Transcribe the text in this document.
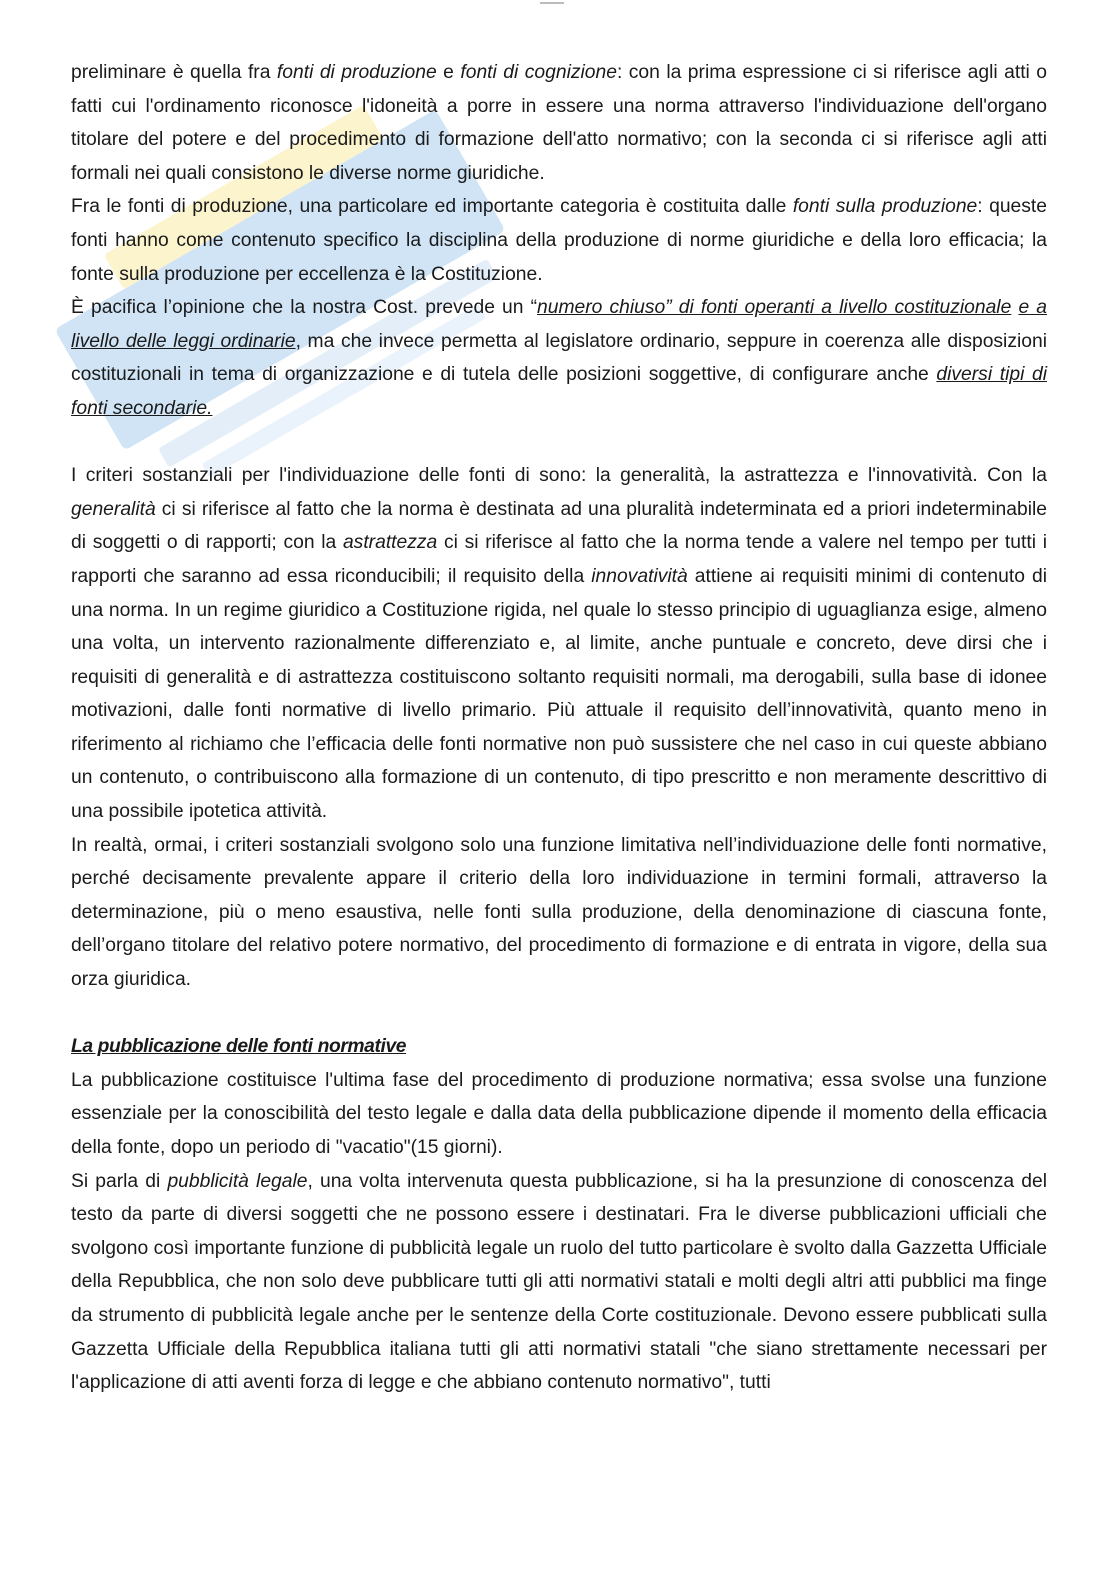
preliminare è quella fra fonti di produzione e fonti di cognizione: con la prima espressione ci si riferisce agli atti o fatti cui l'ordinamento riconosce l'idoneità a porre in essere una norma attraverso l'individuazione dell'organo titolare del potere e del procedimento di formazione dell'atto normativo; con la seconda ci si riferisce agli atti formali nei quali consistono le diverse norme giuridiche.

Fra le fonti di produzione, una particolare ed importante categoria è costituita dalle fonti sulla produzione: queste fonti hanno come contenuto specifico la disciplina della produzione di norme giuridiche e della loro efficacia; la fonte sulla produzione per eccellenza è la Costituzione.

È pacifica l’opinione che la nostra Cost. prevede un “numero chiuso” di fonti operanti a livello costituzionale e a livello delle leggi ordinarie, ma che invece permetta al legislatore ordinario, seppure in coerenza alle disposizioni costituzionali in tema di organizzazione e di tutela delle posizioni soggettive, di configurare anche diversi tipi di fonti secondarie.

I criteri sostanziali per l'individuazione delle fonti di sono: la generalità, la astrattezza e l'innovatività. Con la generalità ci si riferisce al fatto che la norma è destinata ad una pluralità indeterminata ed a priori indeterminabile di soggetti o di rapporti; con la astrattezza ci si riferisce al fatto che la norma tende a valere nel tempo per tutti i rapporti che saranno ad essa riconducibili; il requisito della innovatività attiene ai requisiti minimi di contenuto di una norma. In un regime giuridico a Costituzione rigida, nel quale lo stesso principio di uguaglianza esige, almeno una volta, un intervento razionalmente differenziato e, al limite, anche puntuale e concreto, deve dirsi che i requisiti di generalità e di astrattezza costituiscono soltanto requisiti normali, ma derogabili, sulla base di idonee motivazioni, dalle fonti normative di livello primario. Più attuale il requisito dell’innovatività, quanto meno in riferimento al richiamo che l’efficacia delle fonti normative non può sussistere che nel caso in cui queste abbiano un contenuto, o contribuiscono alla formazione di un contenuto, di tipo prescritto e non meramente descrittivo di una possibile ipotetica attività.

In realtà, ormai, i criteri sostanziali svolgono solo una funzione limitativa nell’individuazione delle fonti normative, perché decisamente prevalente appare il criterio della loro individuazione in termini formali, attraverso la determinazione, più o meno esaustiva, nelle fonti sulla produzione, della denominazione di ciascuna fonte, dell’organo titolare del relativo potere normativo, del procedimento di formazione e di entrata in vigore, della sua orza giuridica.

La pubblicazione delle fonti normative

La pubblicazione costituisce l'ultima fase del procedimento di produzione normativa; essa svolse una funzione essenziale per la conoscibilità del testo legale e dalla data della pubblicazione dipende il momento della efficacia della fonte, dopo un periodo di "vacatio"(15 giorni).

Si parla di pubblicità legale, una volta intervenuta questa pubblicazione, si ha la presunzione di conoscenza del testo da parte di diversi soggetti che ne possono essere i destinatari. Fra le diverse pubblicazioni ufficiali che svolgono così importante funzione di pubblicità legale un ruolo del tutto particolare è svolto dalla Gazzetta Ufficiale della Repubblica, che non solo deve pubblicare tutti gli atti normativi statali e molti degli altri atti pubblici ma finge da strumento di pubblicità legale anche per le sentenze della Corte costituzionale. Devono essere pubblicati sulla Gazzetta Ufficiale della Repubblica italiana tutti gli atti normativi statali "che siano strettamente necessari per l'applicazione di atti aventi forza di legge e che abbiano contenuto normativo", tutti
